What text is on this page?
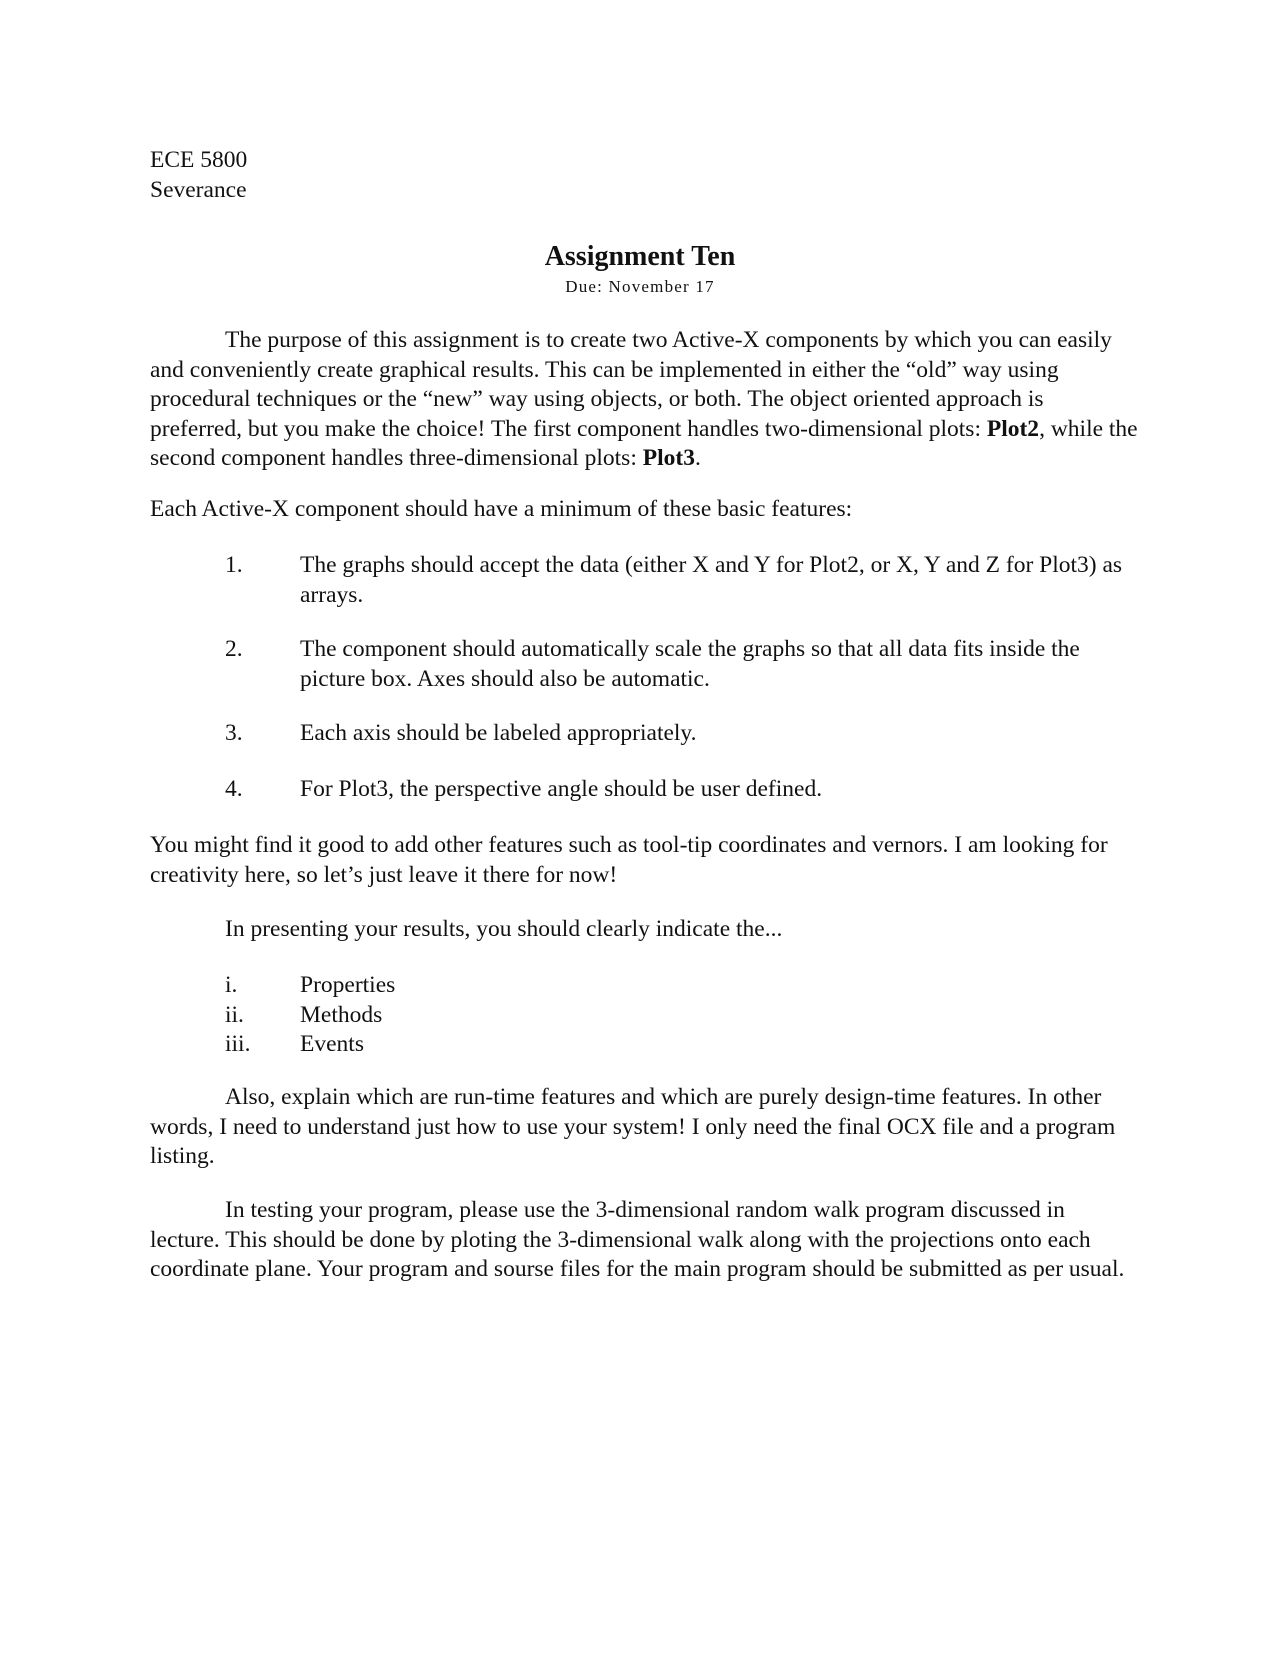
ECE 5800

Severance

Assignment Ten

Due: November 17

The purpose of this assignment is to create two Active-X components by which you can easily and conveniently create graphical results. This can be implemented in either the “old” way using procedural techniques or the “new” way using objects, or both. The object oriented approach is preferred, but you make the choice! The first component handles two-dimensional plots: Plot2, while the second component handles three-dimensional plots: Plot3.

Each Active-X component should have a minimum of these basic features:

1. The graphs should accept the data (either X and Y for Plot2, or X, Y and Z for Plot3) as arrays.
2. The component should automatically scale the graphs so that all data fits inside the picture box. Axes should also be automatic.
3. Each axis should be labeled appropriately.
4. For Plot3, the perspective angle should be user defined.

You might find it good to add other features such as tool-tip coordinates and vernors. I am looking for creativity here, so let’s just leave it there for now!

In presenting your results, you should clearly indicate the...

i.	Properties
ii. Methods
iii. Events

Also, explain which are run-time features and which are purely design-time features. In other words, I need to understand just how to use your system! I only need the final OCX file and a program listing.

In testing your program, please use the 3-dimensional random walk program discussed in lecture. This should be done by ploting the 3-dimensional walk along with the projections onto each coordinate plane. Your program and sourse files for the main program should be submitted as per usual.
